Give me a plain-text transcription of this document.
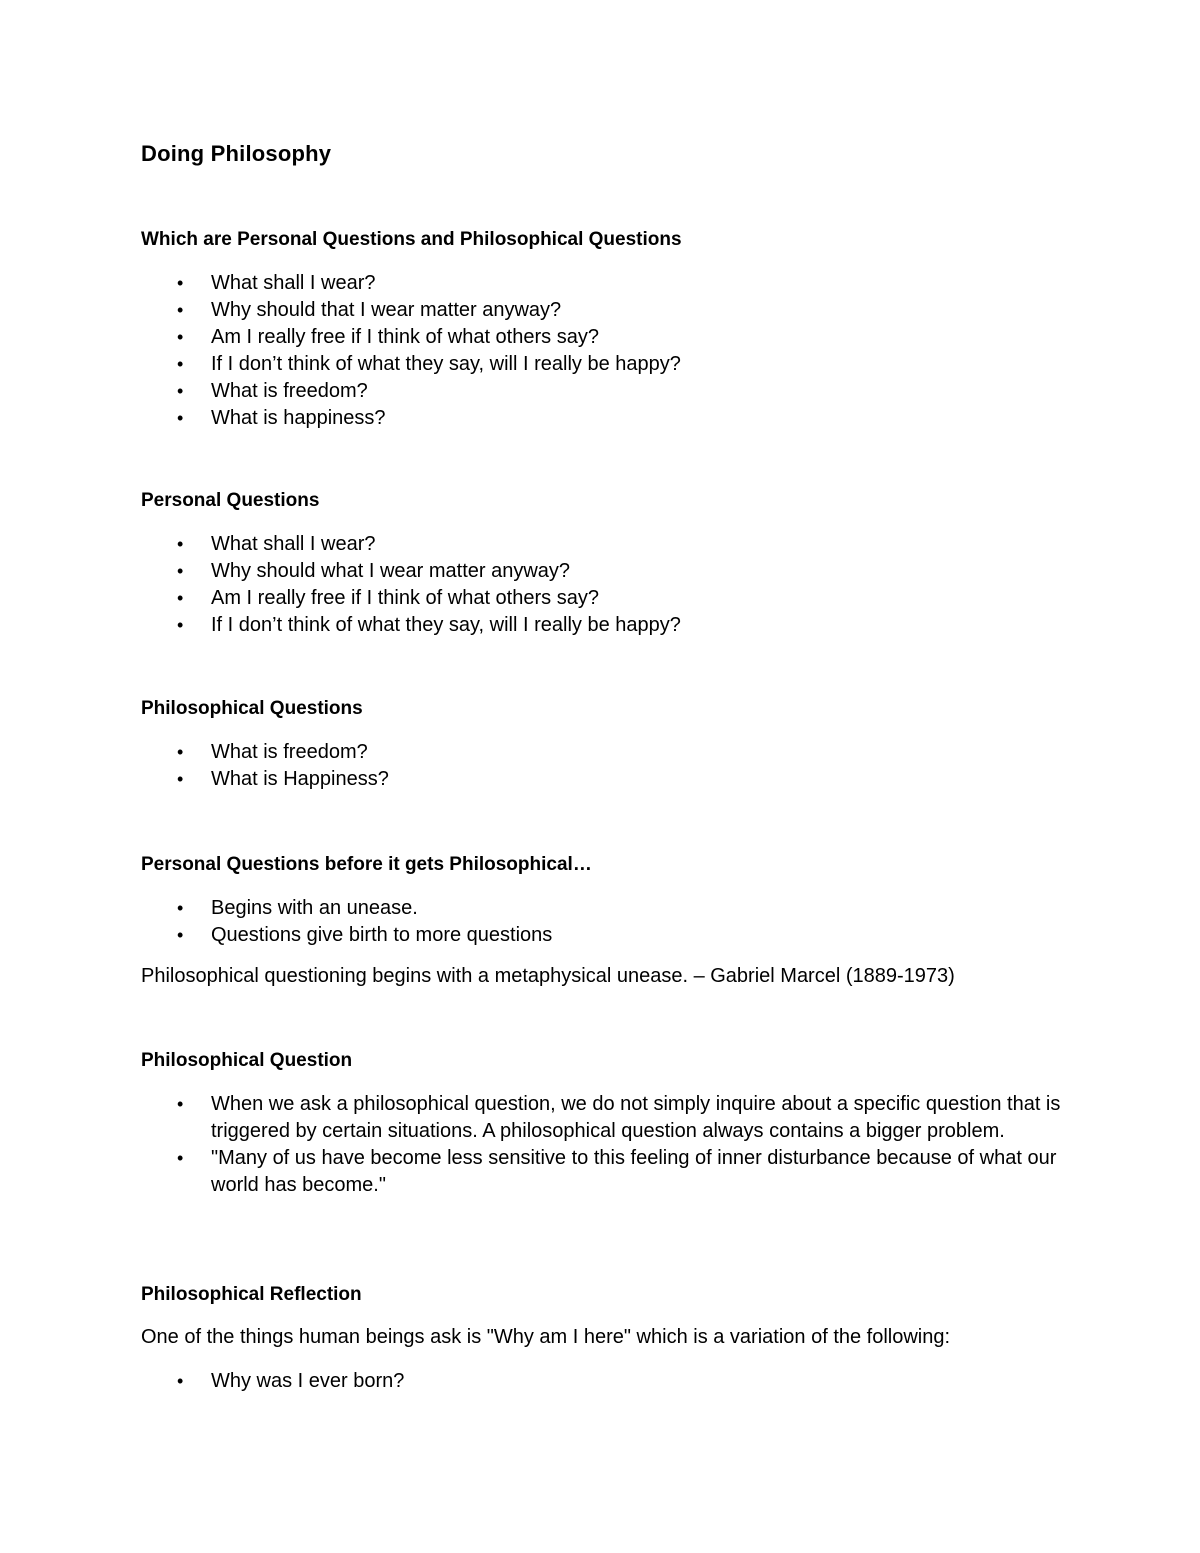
Doing Philosophy
Which are Personal Questions and Philosophical Questions
• What shall I wear?
• Why should that I wear matter anyway?
• Am I really free if I think of what others say?
• If I don’t think of what they say, will I really be happy?
• What is freedom?
• What is happiness?
Personal Questions
• What shall I wear?
• Why should what I wear matter anyway?
• Am I really free if I think of what others say?
• If I don’t think of what they say, will I really be happy?
Philosophical Questions
• What is freedom?
• What is Happiness?
Personal Questions before it gets Philosophical…
• Begins with an unease.
• Questions give birth to more questions
Philosophical questioning begins with a metaphysical unease. – Gabriel Marcel (1889-1973)
Philosophical Question
• When we ask a philosophical question, we do not simply inquire about a specific question that is triggered by certain situations. A philosophical question always contains a bigger problem.
• "Many of us have become less sensitive to this feeling of inner disturbance because of what our world has become."
Philosophical Reflection
One of the things human beings ask is "Why am I here" which is a variation of the following:
• Why was I ever born?
